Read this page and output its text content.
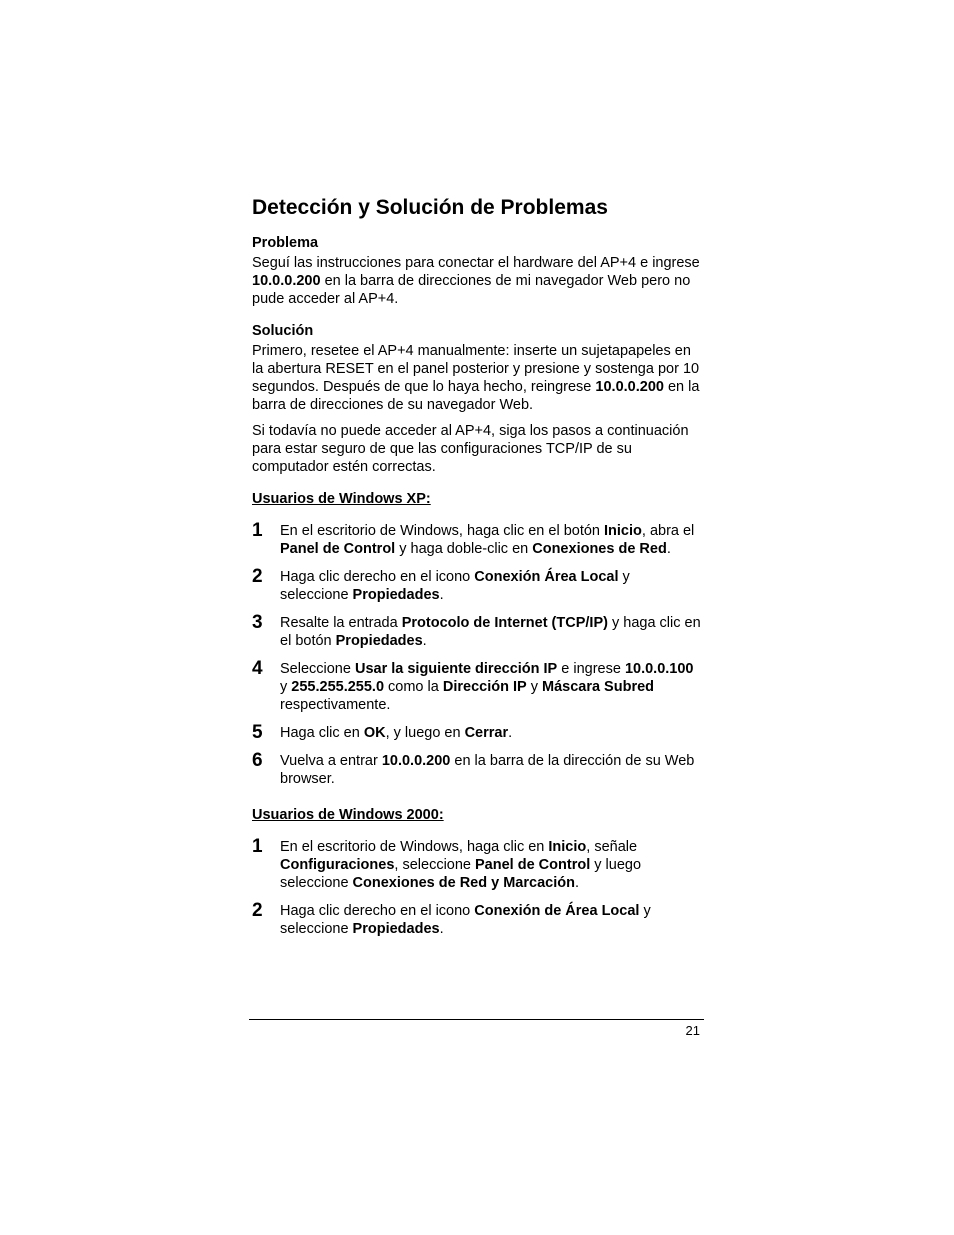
Detección y Solución de Problemas

Problema

Seguí las instrucciones para conectar el hardware del AP+4 e ingrese 10.0.0.200 en la barra de direcciones de mi navegador Web pero no pude acceder al AP+4.

Solución

Primero, resetee el AP+4 manualmente: inserte un sujetapapeles en la abertura RESET en el panel posterior y presione y sostenga por 10 segundos. Después de que lo haya hecho, reingrese 10.0.0.200 en la barra de direcciones de su navegador Web.

Si todavía no puede acceder al AP+4, siga los pasos a continuación para estar seguro de que las configuraciones TCP/IP de su computador estén correctas.

Usuarios de Windows XP:

1 En el escritorio de Windows, haga clic en el botón Inicio, abra el Panel de Control y haga doble-clic en Conexiones de Red.
2 Haga clic derecho en el icono Conexión Área Local y seleccione Propiedades.
3 Resalte la entrada Protocolo de Internet (TCP/IP) y haga clic en el botón Propiedades.
4 Seleccione Usar la siguiente dirección IP e ingrese 10.0.0.100 y 255.255.255.0 como la Dirección IP y Máscara Subred respectivamente.
5 Haga clic en OK, y luego en Cerrar.
6 Vuelva a entrar 10.0.0.200 en la barra de la dirección de su Web browser.

Usuarios de Windows 2000:

1 En el escritorio de Windows, haga clic en Inicio, señale Configuraciones, seleccione Panel de Control y luego seleccione Conexiones de Red y Marcación.
2 Haga clic derecho en el icono Conexión de Área Local y seleccione Propiedades.
21
